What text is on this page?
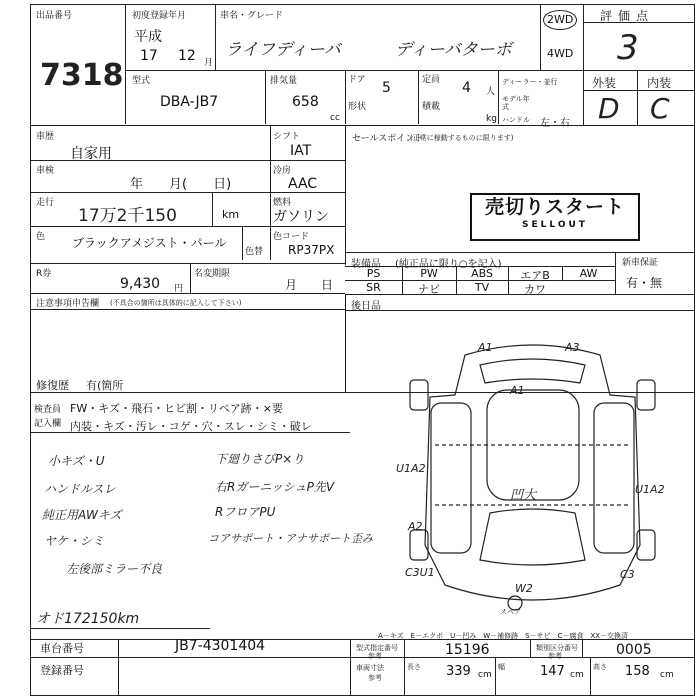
出品番号
7318
初度登録年月
平成
17 12 月
車名・グレード
ライフディーバ	ディーバターボ
2WD
4WD
評価点
3
型式
DBA-JB7
排気量
658
cc
ドア 5
形状
定員 4 人
積載
kg
ディーラー・並行
モデル年式
ハンドル 左・右
外装	内装
D C
車歴
自家用
シフト
IAT
車検
年　　月(　　日)
冷房
AAC
走行
17万2千150	km
燃料
ガソリン
色 ブラックアメジスト・パール
色替
色コード
RP37PX
R券
9,430 円
名変期限
月　　日
注意事項申告欄 (不具合の箇所は具体的に記入して下さい)
修復歴 有(箇所
セールスポイント
(正常に稼動するものに限ります)
売切りスタート
SELLOUT
装備品 (純正品に限り○を記入)	新車保証
有・無
PS	PW	ABS	エアB	AW
SR	ナビ	TV	カワ
後日品
検査員
記入欄
FW・キズ・飛石・ヒビ割・リペア跡・×要
内装・キズ・汚レ・コゲ・穴・スレ・シミ・破レ
小キズ・U
ハンドルスレ
純正用AWキズ
ヤケ・シミ
左後部ミラー不良
下廻りさびP×り
右RガーニッシュP先V
RフロアPU
コアサポート・アナサポート歪み
オド172150km
A1	A3
A1
U1A2
凹大	U1A2
A2
C3U1
W2
C3
スペア
A－キズ　E－エクボ　U－凹み　W－補修跡　S－サビ　C－腐食　XX－交換済
車台番号	JB7-4301404
登録番号
型式指定番号
参考	15196	類別区分番号
参考	0005
車両寸法
参考
長さ 339 cm
幅	147 cm
高さ 158 cm
